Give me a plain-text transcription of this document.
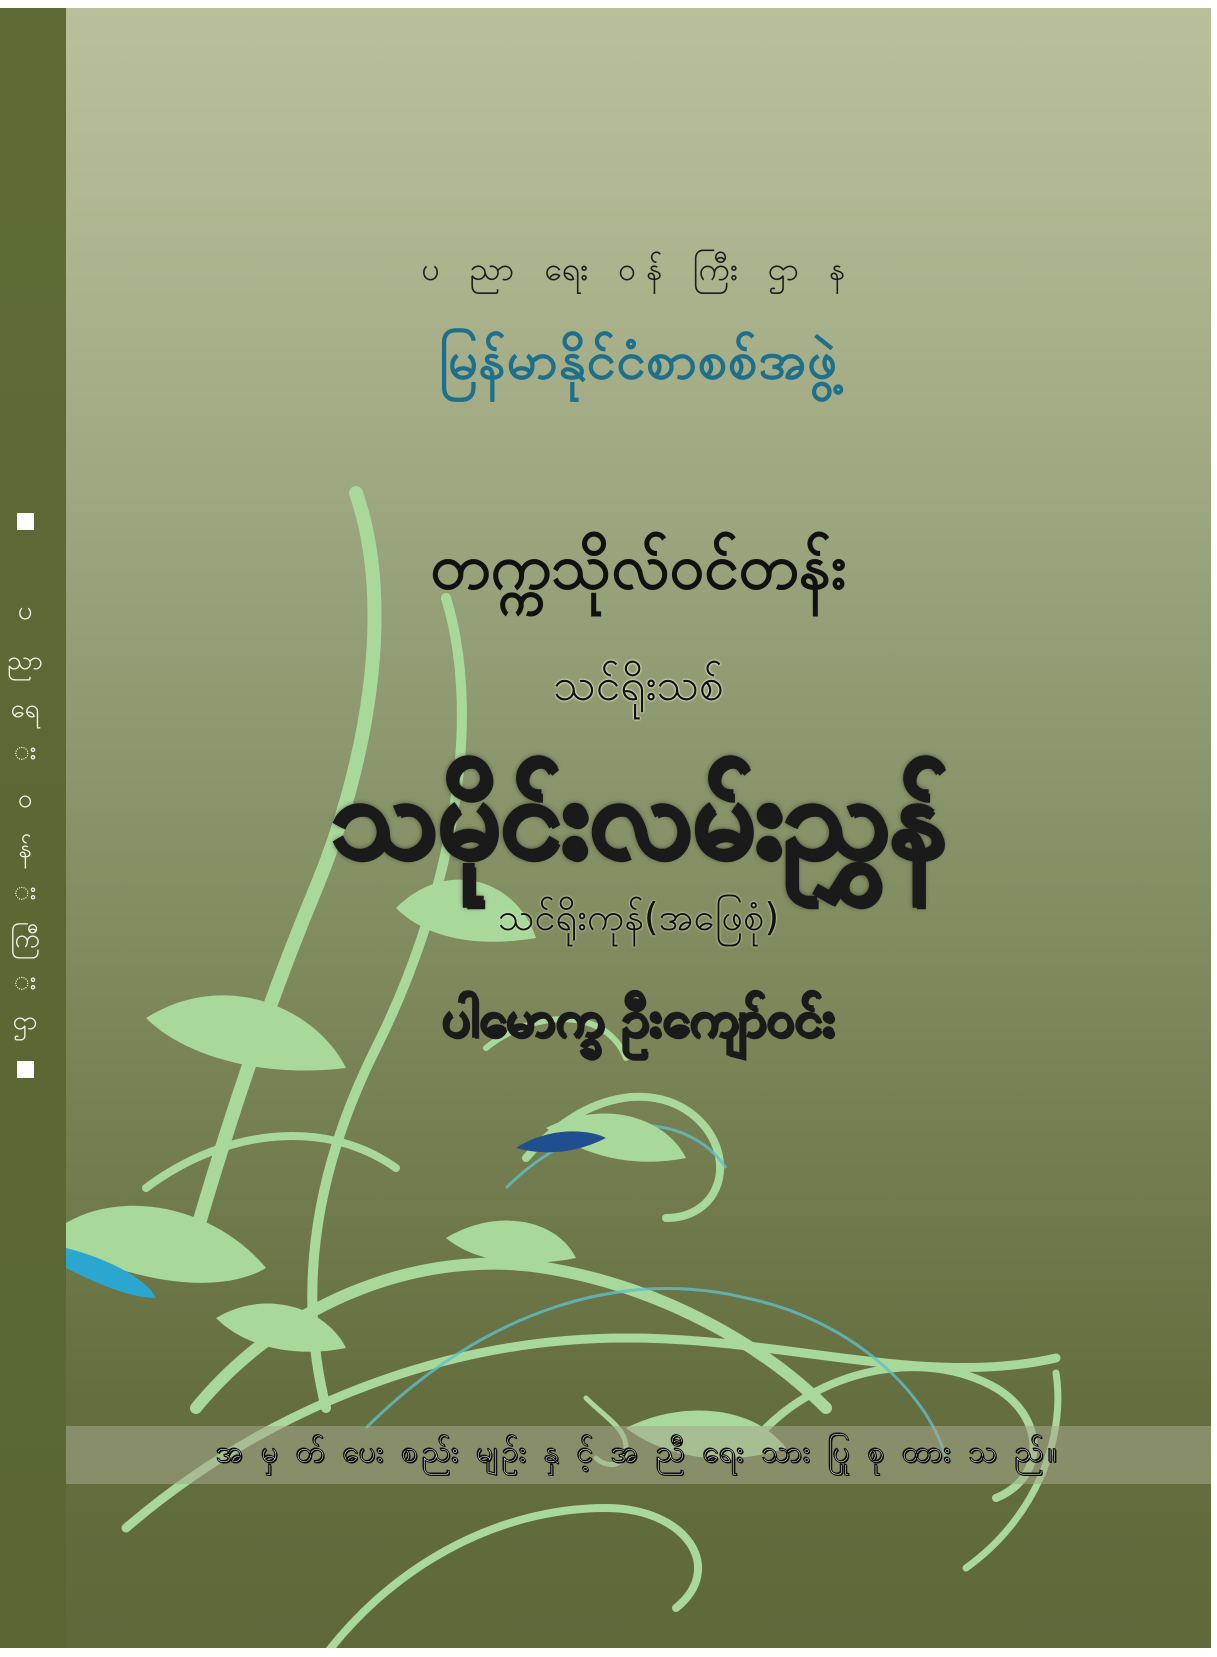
ပ
ညာ
ရေ
း
ဝ
န်
း
ကြီ
း
ဌာ
ပ ညာ ရေး ဝန် ကြီး ဌာ န
မြန်မာနိုင်ငံစာစစ်အဖွဲ့
တက္ကသိုလ်ဝင်တန်း
သင်ရိုးသစ်
သမိုင်းလမ်းညွှန်
သင်ရိုးကုန်(အဖြေစုံ)
ပါမောက္ခ ဦးကျော်ဝင်း
အ မှ တ် ပေး စည်း မျဉ်း နှ င့် အ ညီ ရေး သား ပြု စု ထား သ ည်။
